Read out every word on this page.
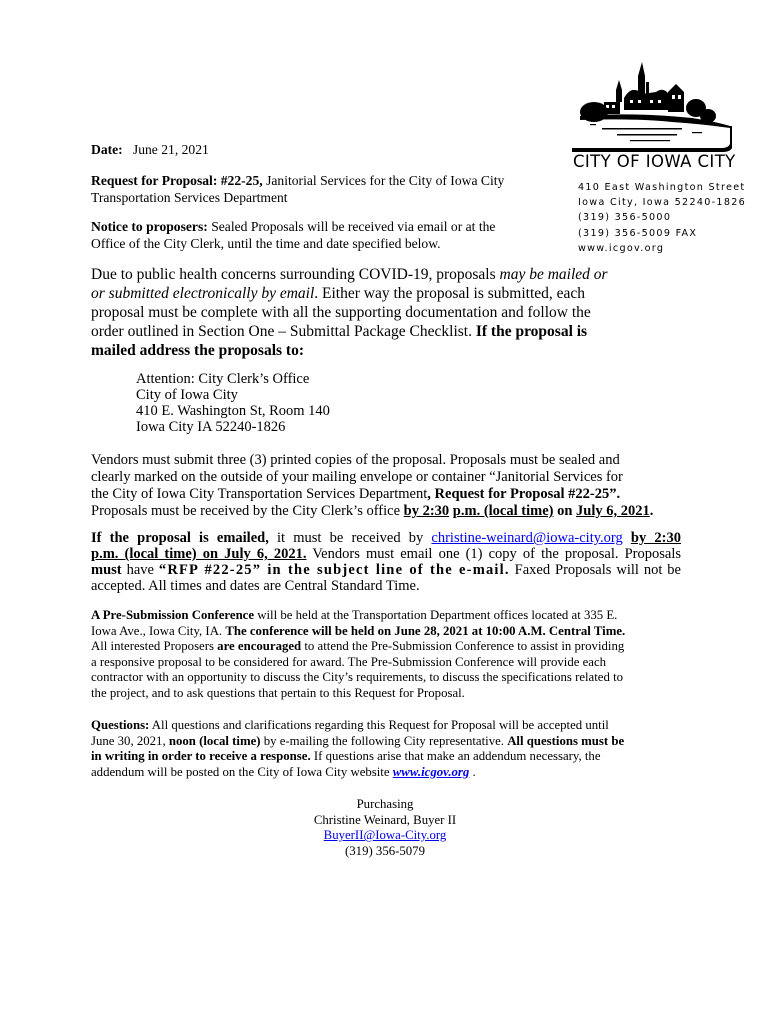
CITY OF IOWA CITY
410 East Washington Street
Iowa City, Iowa 52240-1826
(319) 356-5000
(319) 356-5009 FAX
www.icgov.org
Date: June 21, 2021
Request for Proposal: #22-25, Janitorial Services for the City of Iowa City
Transportation Services Department
Notice to proposers: Sealed Proposals will be received via email or at the
Office of the City Clerk, until the time and date specified below.
Due to public health concerns surrounding COVID-19, proposals may be mailed or
or submitted electronically by email. Either way the proposal is submitted, each
proposal must be complete with all the supporting documentation and follow the
order outlined in Section One – Submittal Package Checklist. If the proposal is
mailed address the proposals to:
Attention: City Clerk’s Office
City of Iowa City
410 E. Washington St, Room 140
Iowa City IA 52240-1826
Vendors must submit three (3) printed copies of the proposal. Proposals must be sealed and
clearly marked on the outside of your mailing envelope or container “Janitorial Services for
the City of Iowa City Transportation Services Department, Request for Proposal #22-25”.
Proposals must be received by the City Clerk’s office by 2:30 p.m. (local time) on July 6, 2021.
If the proposal is emailed, it must be received by christine-weinard@iowa-city.org by 2:30
p.m. (local time) on July 6, 2021. Vendors must email one (1) copy of the proposal. Proposals
must have “RFP #22-25” in the subject line of the e-mail. Faxed Proposals will not be
accepted. All times and dates are Central Standard Time.
A Pre-Submission Conference will be held at the Transportation Department offices located at 335 E.
Iowa Ave., Iowa City, IA. The conference will be held on June 28, 2021 at 10:00 A.M. Central Time.
All interested Proposers are encouraged to attend the Pre-Submission Conference to assist in providing
a responsive proposal to be considered for award. The Pre-Submission Conference will provide each
contractor with an opportunity to discuss the City’s requirements, to discuss the specifications related to
the project, and to ask questions that pertain to this Request for Proposal.
Questions: All questions and clarifications regarding this Request for Proposal will be accepted until
June 30, 2021, noon (local time) by e-mailing the following City representative. All questions must be
in writing in order to receive a response. If questions arise that make an addendum necessary, the
addendum will be posted on the City of Iowa City website www.icgov.org .
Purchasing
Christine Weinard, Buyer II
BuyerII@Iowa-City.org
(319) 356-5079
